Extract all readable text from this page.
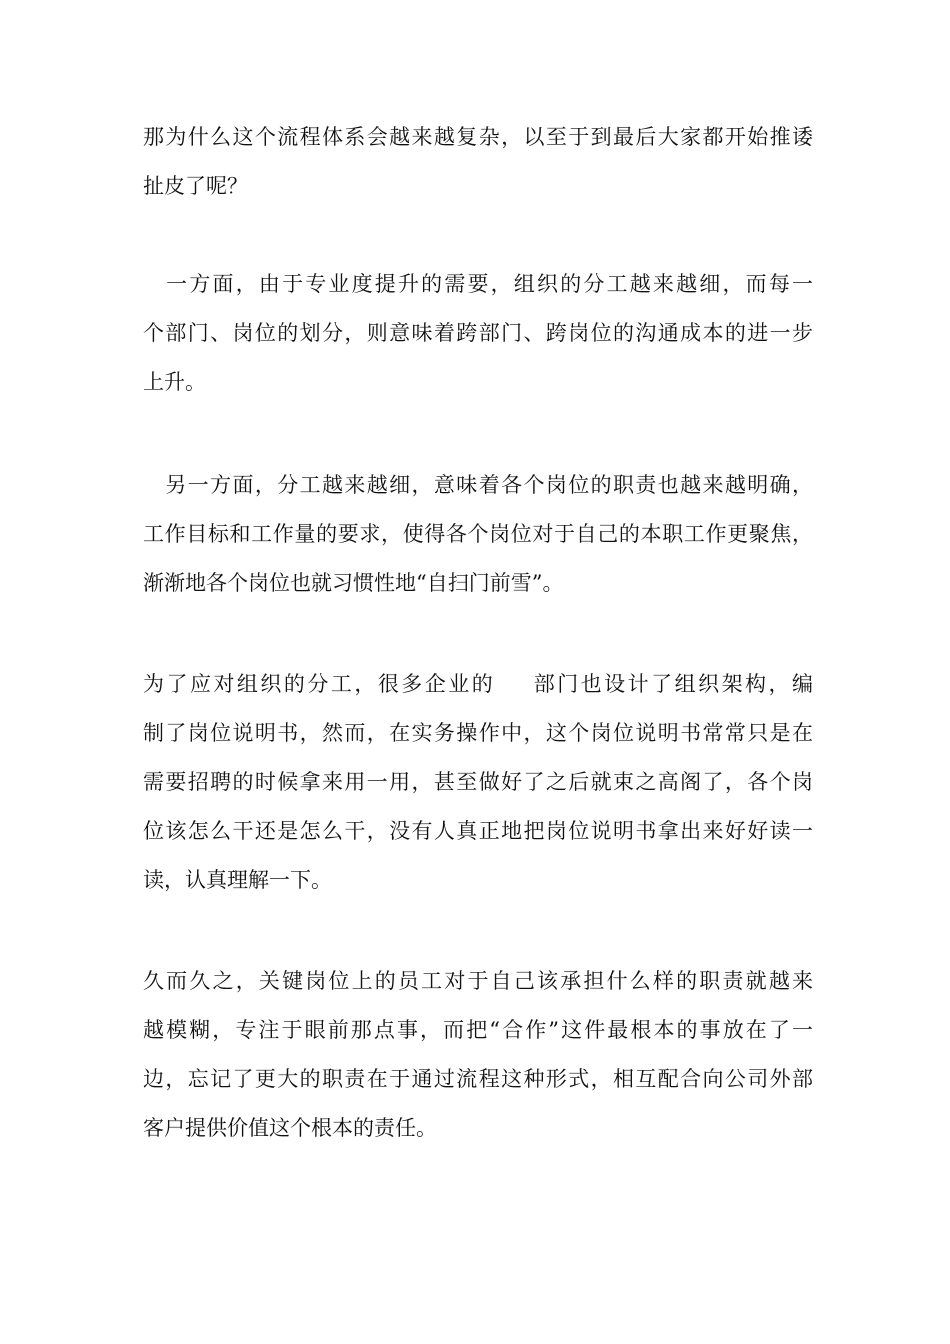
那为什么这个流程体系会越来越复杂，以至于到最后大家都开始推诿
扯皮了呢？

　一方面，由于专业度提升的需要，组织的分工越来越细，而每一
个部门、岗位的划分，则意味着跨部门、跨岗位的沟通成本的进一步
上升。

　另一方面，分工越来越细，意味着各个岗位的职责也越来越明确，
工作目标和工作量的要求，使得各个岗位对于自己的本职工作更聚焦，
渐渐地各个岗位也就习惯性地“自扫门前雪”。

为了应对组织的分工，很多企业的 部门也设计了组织架构，编
制了岗位说明书，然而，在实务操作中，这个岗位说明书常常只是在
需要招聘的时候拿来用一用，甚至做好了之后就束之高阁了，各个岗
位该怎么干还是怎么干，没有人真正地把岗位说明书拿出来好好读一
读，认真理解一下。

久而久之，关键岗位上的员工对于自己该承担什么样的职责就越来
越模糊，专注于眼前那点事，而把“合作”这件最根本的事放在了一
边，忘记了更大的职责在于通过流程这种形式，相互配合向公司外部
客户提供价值这个根本的责任。
